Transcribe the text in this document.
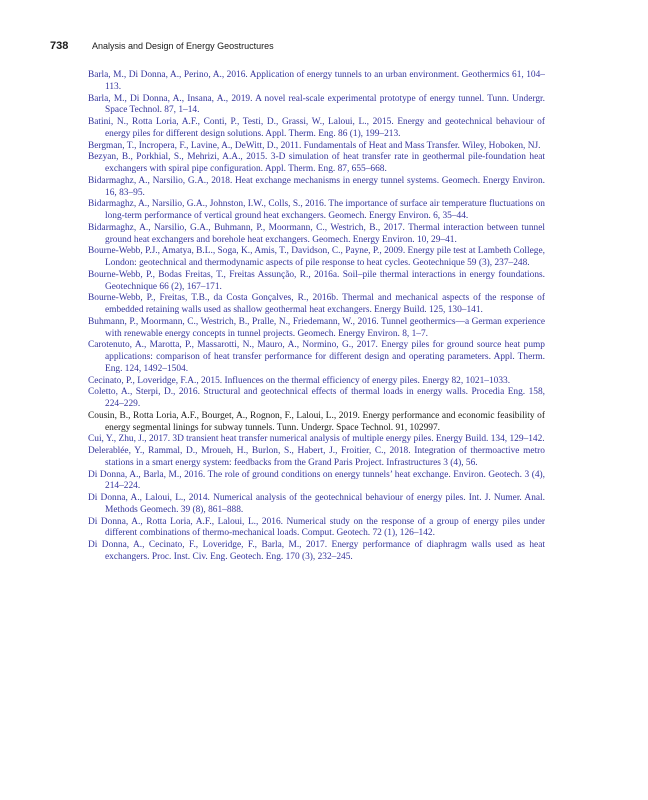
738	Analysis and Design of Energy Geostructures
Barla, M., Di Donna, A., Perino, A., 2016. Application of energy tunnels to an urban environment. Geothermics 61, 104–113.
Barla, M., Di Donna, A., Insana, A., 2019. A novel real-scale experimental prototype of energy tunnel. Tunn. Undergr. Space Technol. 87, 1–14.
Batini, N., Rotta Loria, A.F., Conti, P., Testi, D., Grassi, W., Laloui, L., 2015. Energy and geotechnical behaviour of energy piles for different design solutions. Appl. Therm. Eng. 86 (1), 199–213.
Bergman, T., Incropera, F., Lavine, A., DeWitt, D., 2011. Fundamentals of Heat and Mass Transfer. Wiley, Hoboken, NJ.
Bezyan, B., Porkhial, S., Mehrizi, A.A., 2015. 3-D simulation of heat transfer rate in geothermal pile-foundation heat exchangers with spiral pipe configuration. Appl. Therm. Eng. 87, 655–668.
Bidarmaghz, A., Narsilio, G.A., 2018. Heat exchange mechanisms in energy tunnel systems. Geomech. Energy Environ. 16, 83–95.
Bidarmaghz, A., Narsilio, G.A., Johnston, I.W., Colls, S., 2016. The importance of surface air temperature fluctuations on long-term performance of vertical ground heat exchangers. Geomech. Energy Environ. 6, 35–44.
Bidarmaghz, A., Narsilio, G.A., Buhmann, P., Moormann, C., Westrich, B., 2017. Thermal interaction between tunnel ground heat exchangers and borehole heat exchangers. Geomech. Energy Environ. 10, 29–41.
Bourne-Webb, P.J., Amatya, B.L., Soga, K., Amis, T., Davidson, C., Payne, P., 2009. Energy pile test at Lambeth College, London: geotechnical and thermodynamic aspects of pile response to heat cycles. Geotechnique 59 (3), 237–248.
Bourne-Webb, P., Bodas Freitas, T., Freitas Assunção, R., 2016a. Soil–pile thermal interactions in energy foundations. Geotechnique 66 (2), 167–171.
Bourne-Webb, P., Freitas, T.B., da Costa Gonçalves, R., 2016b. Thermal and mechanical aspects of the response of embedded retaining walls used as shallow geothermal heat exchangers. Energy Build. 125, 130–141.
Buhmann, P., Moormann, C., Westrich, B., Pralle, N., Friedemann, W., 2016. Tunnel geothermics—a German experience with renewable energy concepts in tunnel projects. Geomech. Energy Environ. 8, 1–7.
Carotenuto, A., Marotta, P., Massarotti, N., Mauro, A., Normino, G., 2017. Energy piles for ground source heat pump applications: comparison of heat transfer performance for different design and operating parameters. Appl. Therm. Eng. 124, 1492–1504.
Cecinato, P., Loveridge, F.A., 2015. Influences on the thermal efficiency of energy piles. Energy 82, 1021–1033.
Coletto, A., Sterpi, D., 2016. Structural and geotechnical effects of thermal loads in energy walls. Procedia Eng. 158, 224–229.
Cousin, B., Rotta Loria, A.F., Bourget, A., Rognon, F., Laloui, L., 2019. Energy performance and economic feasibility of energy segmental linings for subway tunnels. Tunn. Undergr. Space Technol. 91, 102997.
Cui, Y., Zhu, J., 2017. 3D transient heat transfer numerical analysis of multiple energy piles. Energy Build. 134, 129–142.
Delerablée, Y., Rammal, D., Mroueh, H., Burlon, S., Habert, J., Froitier, C., 2018. Integration of thermoactive metro stations in a smart energy system: feedbacks from the Grand Paris Project. Infrastructures 3 (4), 56.
Di Donna, A., Barla, M., 2016. The role of ground conditions on energy tunnels’ heat exchange. Environ. Geotech. 3 (4), 214–224.
Di Donna, A., Laloui, L., 2014. Numerical analysis of the geotechnical behaviour of energy piles. Int. J. Numer. Anal. Methods Geomech. 39 (8), 861–888.
Di Donna, A., Rotta Loria, A.F., Laloui, L., 2016. Numerical study on the response of a group of energy piles under different combinations of thermo-mechanical loads. Comput. Geotech. 72 (1), 126–142.
Di Donna, A., Cecinato, F., Loveridge, F., Barla, M., 2017. Energy performance of diaphragm walls used as heat exchangers. Proc. Inst. Civ. Eng. Geotech. Eng. 170 (3), 232–245.
